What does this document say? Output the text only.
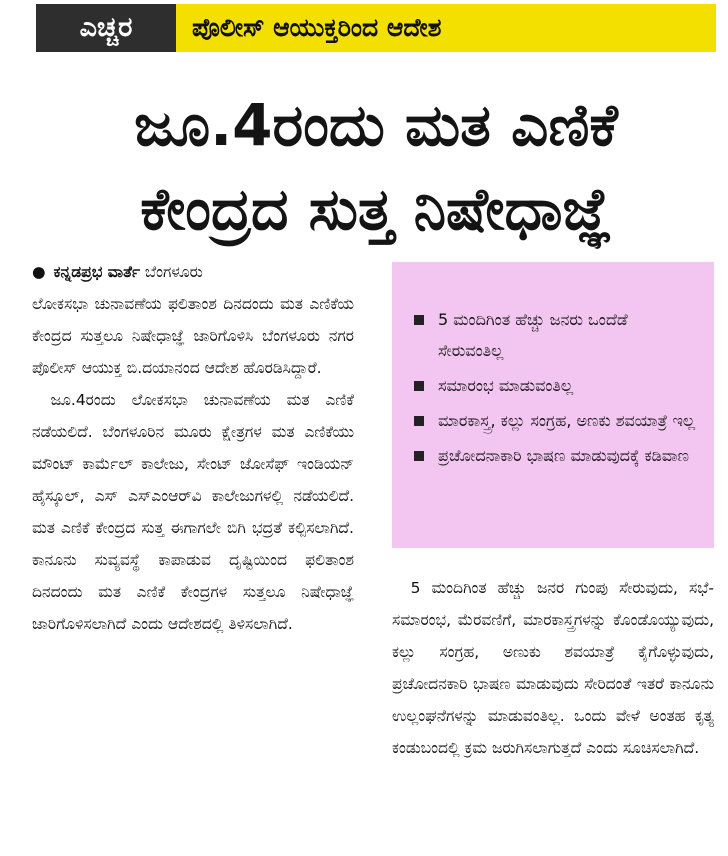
ಎಚ್ಚರ	ಪೊಲೀಸ್ ಆಯುಕ್ತರಿಂದ ಆದೇಶ
ಜೂ.4ರಂದು ಮತ ಎಣಿಕೆ
ಕೇಂದ್ರದ ಸುತ್ತ ನಿಷೇಧಾಜ್ಞೆ
● ಕನ್ನಡಪ್ರಭ ವಾರ್ತೆ ಬೆಂಗಳೂರು

ಲೋಕಸಭಾ ಚುನಾವಣೆಯ ಫಲಿತಾಂಶ ದಿನದಂದು ಮತ ಎಣಿಕೆಯ ಕೇಂದ್ರದ ಸುತ್ತಲೂ ನಿಷೇಧಾಜ್ಞೆ ಜಾರಿಗೊಳಿಸಿ ಬೆಂಗಳೂರು ನಗರ ಪೊಲೀಸ್ ಆಯುಕ್ತ ಬಿ.ದಯಾನಂದ ಆದೇಶ ಹೊರಡಿಸಿದ್ದಾರೆ.

ಜೂ.4ರಂದು ಲೋಕಸಭಾ ಚುನಾವಣೆಯ ಮತ ಎಣಿಕೆ ನಡೆಯಲಿದೆ. ಬೆಂಗಳೂರಿನ ಮೂರು ಕ್ಷೇತ್ರಗಳ ಮತ ಎಣಿಕೆಯು ಮೌಂಟ್ ಕಾರ್ಮೆಲ್ ಕಾಲೇಜು, ಸೇಂಟ್ ಜೋಸೆಫ್ ಇಂಡಿಯನ್ ಹೈಸ್ಕೂಲ್, ಎಸ್ ಎಸ್ಎಂಆರ್‌ವಿ ಕಾಲೇಜುಗಳಲ್ಲಿ ನಡೆಯಲಿದೆ. ಮತ ಎಣಿಕೆ ಕೇಂದ್ರದ ಸುತ್ತ ಈಗಾಗಲೇ ಬಿಗಿ ಭದ್ರತೆ ಕಲ್ಪಿಸಲಾಗಿದೆ. ಕಾನೂನು ಸುವ್ಯವಸ್ಥೆ ಕಾಪಾಡುವ ದೃಷ್ಟಿಯಿಂದ ಫಲಿತಾಂಶ ದಿನದಂದು ಮತ ಎಣಿಕೆ ಕೇಂದ್ರಗಳ ಸುತ್ತಲೂ ನಿಷೇಧಾಜ್ಞೆ ಜಾರಿಗೊಳಿಸಲಾಗಿದೆ ಎಂದು ಆದೇಶದಲ್ಲಿ ತಿಳಿಸಲಾಗಿದೆ.

5 ಮಂದಿಗಿಂತ ಹೆಚ್ಚು ಜನರು ಒಂದೆಡೆ ಸೇರುವಂತಿಲ್ಲ
ಸಮಾರಂಭ ಮಾಡುವಂತಿಲ್ಲ
ಮಾರಕಾಸ್ತ್ರ, ಕಲ್ಲು ಸಂಗ್ರಹ, ಅಣಕು ಶವಯಾತ್ರೆ ಇಲ್ಲ
ಪ್ರಚೋದನಾಕಾರಿ ಭಾಷಣ ಮಾಡುವುದಕ್ಕೆ ಕಡಿವಾಣ

5 ಮಂದಿಗಿಂತ ಹೆಚ್ಚು ಜನರ ಗುಂಪು ಸೇರುವುದು, ಸಭೆ-ಸಮಾರಂಭ, ಮೆರವಣಿಗೆ, ಮಾರಕಾಸ್ತ್ರಗಳನ್ನು ಕೊಂಡೊಯ್ಯುವುದು, ಕಲ್ಲು ಸಂಗ್ರಹ, ಅಣುಕು ಶವಯಾತ್ರೆ ಕೈಗೊಳ್ಳುವುದು, ಪ್ರಚೋದನಕಾರಿ ಭಾಷಣ ಮಾಡುವುದು ಸೇರಿದಂತೆ ಇತರೆ ಕಾನೂನು ಉಲ್ಲಂಘನೆಗಳನ್ನು ಮಾಡುವಂತಿಲ್ಲ. ಒಂದು ವೇಳೆ ಅಂತಹ ಕೃತ್ಯ ಕಂಡುಬಂದಲ್ಲಿ ಕ್ರಮ ಜರುಗಿಸಲಾಗುತ್ತದೆ ಎಂದು ಸೂಚಿಸಲಾಗಿದೆ.
